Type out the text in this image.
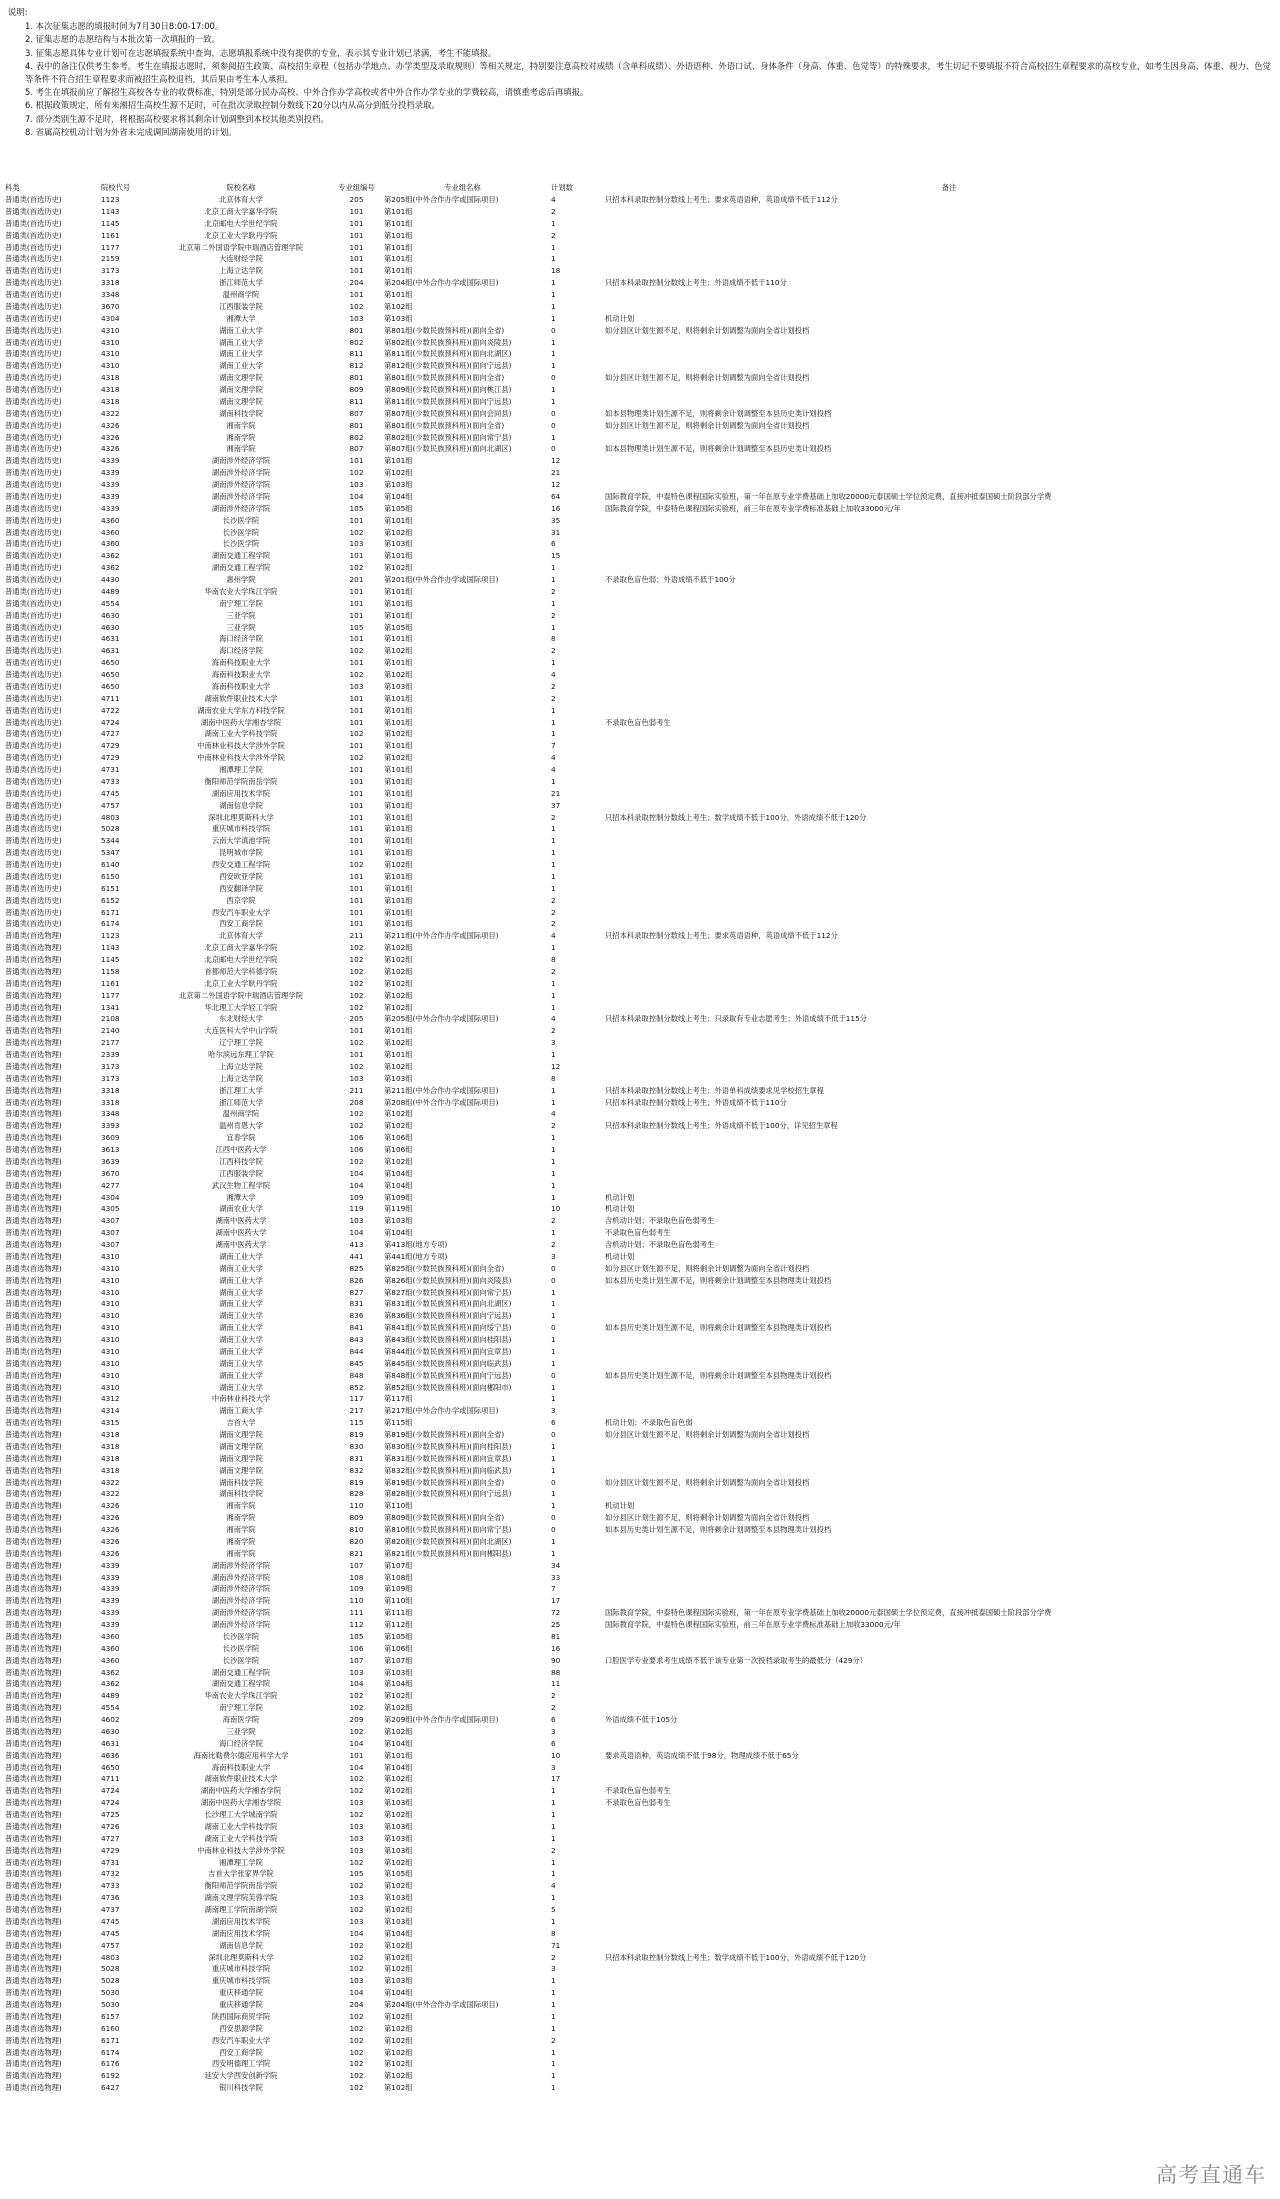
说明:
1. 本次征集志愿的填报时间为7月30日8:00-17:00。
2. 征集志愿的志愿结构与本批次第一次填报的一致。
3. 征集志愿具体专业计划可在志愿填报系统中查询，志愿填报系统中没有提供的专业，表示其专业计划已录满，考生不能填报。
4. 表中的备注仅供考生参考。考生在填报志愿时，须参阅招生政策、高校招生章程（包括办学地点、办学类型及录取规则）等相关规定，特别要注意高校对成绩（含单科成绩）、外语语种、外语口试、身体条件（身高、体重、色觉等）的特殊要求，考生切记不要填报不符合高校招生章程要求的高校专业，如考生因身高、体重、视力、色觉等条件不符合招生章程要求而被招生高校退档，其后果由考生本人承担。
5. 考生在填报前应了解招生高校各专业的收费标准，特别是部分民办高校、中外合作办学高校或者中外合作办学专业的学费较高，请慎重考虑后再填报。
6. 根据政策规定，所有来湘招生高校生源不足时，可在批次录取控制分数线下20分以内从高分到低分投档录取。
7. 部分类别生源不足时，将根据高校要求将其剩余计划调整到本校其他类别投档。
8. 省属高校机动计划为外省未完成调回湖南使用的计划。
科类	院校代号	院校名称	专业组编号	专业组名称	计划数	备注
普通类(首选历史)	1123	北京体育大学	205	第205组(中外合作办学或国际项目)	4	只招本科录取控制分数线上考生；要求英语语种，英语成绩不低于112分
普通类(首选历史)	1143	北京工商大学嘉华学院	101	第101组	2	
普通类(首选历史)	1145	北京邮电大学世纪学院	101	第101组	1	
普通类(首选历史)	1161	北京工业大学耿丹学院	101	第101组	2	
普通类(首选历史)	1177	北京第二外国语学院中瑞酒店管理学院	101	第101组	1	
普通类(首选历史)	2159	大连财经学院	101	第101组	1	
普通类(首选历史)	3173	上海立达学院	101	第101组	18	
普通类(首选历史)	3318	浙江师范大学	204	第204组(中外合作办学或国际项目)	1	只招本科录取控制分数线上考生；外语成绩不低于110分
普通类(首选历史)	3348	温州商学院	101	第101组	1	
普通类(首选历史)	3670	江西服装学院	102	第102组	1	
普通类(首选历史)	4304	湘潭大学	103	第103组	1	机动计划
普通类(首选历史)	4310	湖南工业大学	801	第801组(少数民族预科班)(面向全省)	0	如分县区计划生源不足，则将剩余计划调整为面向全省计划投档
普通类(首选历史)	4310	湖南工业大学	802	第802组(少数民族预科班)(面向炎陵县)	1	
普通类(首选历史)	4310	湖南工业大学	811	第811组(少数民族预科班)(面向北湖区)	1	
普通类(首选历史)	4310	湖南工业大学	812	第812组(少数民族预科班)(面向宁远县)	1	
普通类(首选历史)	4318	湖南文理学院	801	第801组(少数民族预科班)(面向全省)	0	如分县区计划生源不足，则将剩余计划调整为面向全省计划投档
普通类(首选历史)	4318	湖南文理学院	809	第809组(少数民族预科班)(面向桃江县)	1	
普通类(首选历史)	4318	湖南文理学院	811	第811组(少数民族预科班)(面向宁远县)	1	
普通类(首选历史)	4322	湖南科技学院	807	第807组(少数民族预科班)(面向会同县)	0	如本县物理类计划生源不足，则将剩余计划调整至本县历史类计划投档
普通类(首选历史)	4326	湘南学院	801	第801组(少数民族预科班)(面向全省)	0	如分县区计划生源不足，则将剩余计划调整为面向全省计划投档
普通类(首选历史)	4326	湘南学院	802	第802组(少数民族预科班)(面向常宁县)	1	
普通类(首选历史)	4326	湘南学院	807	第807组(少数民族预科班)(面向北湖区)	0	如本县物理类计划生源不足，则将剩余计划调整至本县历史类计划投档
普通类(首选历史)	4339	湖南涉外经济学院	101	第101组	12	
普通类(首选历史)	4339	湖南涉外经济学院	102	第102组	21	
普通类(首选历史)	4339	湖南涉外经济学院	103	第103组	12	
普通类(首选历史)	4339	湖南涉外经济学院	104	第104组	64	国际教育学院，中泰特色课程国际实验班，第一年在原专业学费基础上加收20000元泰国硕士学位预定费，直接冲抵泰国硕士阶段部分学费
普通类(首选历史)	4339	湖南涉外经济学院	105	第105组	16	国际教育学院，中泰特色课程国际实验班，前三年在原专业学费标准基础上加收33000元/年
普通类(首选历史)	4360	长沙医学院	101	第101组	35	
普通类(首选历史)	4360	长沙医学院	102	第102组	31	
普通类(首选历史)	4360	长沙医学院	103	第103组	6	
普通类(首选历史)	4362	湖南交通工程学院	101	第101组	15	
普通类(首选历史)	4362	湖南交通工程学院	102	第102组	1	
普通类(首选历史)	4430	惠州学院	201	第201组(中外合作办学或国际项目)	1	不录取色盲色弱；外语成绩不低于100分
普通类(首选历史)	4489	华南农业大学珠江学院	101	第101组	2	
普通类(首选历史)	4554	南宁理工学院	101	第101组	1	
普通类(首选历史)	4630	三亚学院	101	第101组	2	
普通类(首选历史)	4630	三亚学院	105	第105组	1	
普通类(首选历史)	4631	海口经济学院	101	第101组	8	
普通类(首选历史)	4631	海口经济学院	102	第102组	2	
普通类(首选历史)	4650	海南科技职业大学	101	第101组	1	
普通类(首选历史)	4650	海南科技职业大学	102	第102组	4	
普通类(首选历史)	4650	海南科技职业大学	103	第103组	2	
普通类(首选历史)	4711	湖南软件职业技术大学	101	第101组	2	
普通类(首选历史)	4722	湖南农业大学东方科技学院	101	第101组	1	
普通类(首选历史)	4724	湖南中医药大学湘杏学院	101	第101组	1	不录取色盲色弱考生
普通类(首选历史)	4727	湖南工业大学科技学院	102	第102组	1	
普通类(首选历史)	4729	中南林业科技大学涉外学院	101	第101组	7	
普通类(首选历史)	4729	中南林业科技大学涉外学院	102	第102组	4	
普通类(首选历史)	4731	湘潭理工学院	101	第101组	4	
普通类(首选历史)	4733	衡阳师范学院南岳学院	101	第101组	1	
普通类(首选历史)	4745	湖南应用技术学院	101	第101组	21	
普通类(首选历史)	4757	湖南信息学院	101	第101组	37	
普通类(首选历史)	4803	深圳北理莫斯科大学	101	第101组	2	只招本科录取控制分数线上考生；数学成绩不低于100分，外语成绩不低于120分
普通类(首选历史)	5028	重庆城市科技学院	101	第101组	1	
普通类(首选历史)	5344	云南大学滇池学院	101	第101组	1	
普通类(首选历史)	5347	昆明城市学院	101	第101组	1	
普通类(首选历史)	6140	西安交通工程学院	102	第102组	1	
普通类(首选历史)	6150	西安欧亚学院	101	第101组	1	
普通类(首选历史)	6151	西安翻译学院	101	第101组	1	
普通类(首选历史)	6152	西京学院	101	第101组	2	
普通类(首选历史)	6171	西安汽车职业大学	101	第101组	2	
普通类(首选历史)	6174	西安工商学院	101	第101组	2	
普通类(首选物理)	1123	北京体育大学	211	第211组(中外合作办学或国际项目)	4	只招本科录取控制分数线上考生；要求英语语种，英语成绩不低于112分
普通类(首选物理)	1143	北京工商大学嘉华学院	102	第102组	1	
普通类(首选物理)	1145	北京邮电大学世纪学院	102	第102组	8	
普通类(首选物理)	1158	首都师范大学科德学院	102	第102组	2	
普通类(首选物理)	1161	北京工业大学耿丹学院	102	第102组	1	
普通类(首选物理)	1177	北京第二外国语学院中瑞酒店管理学院	102	第102组	1	
普通类(首选物理)	1341	华北理工大学轻工学院	102	第102组	1	
普通类(首选物理)	2108	东北财经大学	205	第205组(中外合作办学或国际项目)	4	只招本科录取控制分数线上考生；只录取有专业志愿考生；外语成绩不低于115分
普通类(首选物理)	2140	大连医科大学中山学院	101	第101组	2	
普通类(首选物理)	2177	辽宁理工学院	102	第102组	3	
普通类(首选物理)	2339	哈尔滨远东理工学院	101	第101组	1	
普通类(首选物理)	3173	上海立达学院	102	第102组	12	
普通类(首选物理)	3173	上海立达学院	103	第103组	8	
普通类(首选物理)	3318	浙江理工大学	211	第211组(中外合作办学或国际项目)	1	只招本科录取控制分数线上考生；外语单科成绩要求见学校招生章程
普通类(首选物理)	3318	浙江师范大学	208	第208组(中外合作办学或国际项目)	1	只招本科录取控制分数线上考生；外语成绩不低于110分
普通类(首选物理)	3348	温州商学院	102	第102组	4	
普通类(首选物理)	3393	温州肯恩大学	102	第102组	2	只招本科录取控制分数线上考生；外语成绩不低于100分，详见招生章程
普通类(首选物理)	3609	宜春学院	106	第106组	1	
普通类(首选物理)	3613	江西中医药大学	106	第106组	1	
普通类(首选物理)	3639	江西科技学院	102	第102组	1	
普通类(首选物理)	3670	江西服装学院	104	第104组	1	
普通类(首选物理)	4277	武汉生物工程学院	104	第104组	1	
普通类(首选物理)	4304	湘潭大学	109	第109组	1	机动计划
普通类(首选物理)	4305	湖南农业大学	119	第119组	10	机动计划
普通类(首选物理)	4307	湖南中医药大学	103	第103组	2	含机动计划；不录取色盲色弱考生
普通类(首选物理)	4307	湖南中医药大学	104	第104组	1	不录取色盲色弱考生
普通类(首选物理)	4307	湖南中医药大学	413	第413组(地方专项)	2	含机动计划；不录取色盲色弱考生
普通类(首选物理)	4310	湖南工业大学	441	第441组(地方专项)	3	机动计划
普通类(首选物理)	4310	湖南工业大学	825	第825组(少数民族预科班)(面向全省)	0	如分县区计划生源不足，则将剩余计划调整为面向全省计划投档
普通类(首选物理)	4310	湖南工业大学	826	第826组(少数民族预科班)(面向炎陵县)	0	如本县历史类计划生源不足，则将剩余计划调整至本县物理类计划投档
普通类(首选物理)	4310	湖南工业大学	827	第827组(少数民族预科班)(面向常宁县)	1	
普通类(首选物理)	4310	湖南工业大学	831	第831组(少数民族预科班)(面向北湖区)	1	
普通类(首选物理)	4310	湖南工业大学	836	第836组(少数民族预科班)(面向宁远县)	1	
普通类(首选物理)	4310	湖南工业大学	841	第841组(少数民族预科班)(面向绥宁县)	0	如本县历史类计划生源不足，则将剩余计划调整至本县物理类计划投档
普通类(首选物理)	4310	湖南工业大学	843	第843组(少数民族预科班)(面向桂阳县)	1	
普通类(首选物理)	4310	湖南工业大学	844	第844组(少数民族预科班)(面向宜章县)	1	
普通类(首选物理)	4310	湖南工业大学	845	第845组(少数民族预科班)(面向临武县)	1	
普通类(首选物理)	4310	湖南工业大学	848	第848组(少数民族预科班)(面向宁远县)	0	如本县历史类计划生源不足，则将剩余计划调整至本县物理类计划投档
普通类(首选物理)	4310	湖南工业大学	852	第852组(少数民族预科班)(面向郴阳市)	1	
普通类(首选物理)	4312	中南林业科技大学	117	第117组	1	
普通类(首选物理)	4314	湖南工商大学	217	第217组(中外合作办学或国际项目)	3	
普通类(首选物理)	4315	吉首大学	115	第115组	6	机动计划；不录取色盲色弱
普通类(首选物理)	4318	湖南文理学院	819	第819组(少数民族预科班)(面向全省)	0	如分县区计划生源不足，则将剩余计划调整为面向全省计划投档
普通类(首选物理)	4318	湖南文理学院	830	第830组(少数民族预科班)(面向桂阳县)	1	
普通类(首选物理)	4318	湖南文理学院	831	第831组(少数民族预科班)(面向宜章县)	1	
普通类(首选物理)	4318	湖南文理学院	832	第832组(少数民族预科班)(面向临武县)	1	
普通类(首选物理)	4322	湖南科技学院	819	第819组(少数民族预科班)(面向全省)	0	如分县区计划生源不足，则将剩余计划调整为面向全省计划投档
普通类(首选物理)	4322	湖南科技学院	828	第828组(少数民族预科班)(面向宁远县)	1	
普通类(首选物理)	4326	湘南学院	110	第110组	1	机动计划
普通类(首选物理)	4326	湘南学院	809	第809组(少数民族预科班)(面向全省)	0	如分县区计划生源不足，则将剩余计划调整为面向全省计划投档
普通类(首选物理)	4326	湘南学院	810	第810组(少数民族预科班)(面向常宁县)	0	如本县历史类计划生源不足，则将剩余计划调整至本县物理类计划投档
普通类(首选物理)	4326	湘南学院	820	第820组(少数民族预科班)(面向北湖区)	1	
普通类(首选物理)	4326	湘南学院	821	第821组(少数民族预科班)(面向郴阳县)	1	
普通类(首选物理)	4339	湖南涉外经济学院	107	第107组	34	
普通类(首选物理)	4339	湖南涉外经济学院	108	第108组	33	
普通类(首选物理)	4339	湖南涉外经济学院	109	第109组	7	
普通类(首选物理)	4339	湖南涉外经济学院	110	第110组	17	
普通类(首选物理)	4339	湖南涉外经济学院	111	第111组	72	国际教育学院，中泰特色课程国际实验班，第一年在原专业学费基础上加收20000元泰国硕士学位预定费，直接冲抵泰国硕士阶段部分学费
普通类(首选物理)	4339	湖南涉外经济学院	112	第112组	25	国际教育学院，中泰特色课程国际实验班，前三年在原专业学费标准基础上加收33000元/年
普通类(首选物理)	4360	长沙医学院	105	第105组	81	
普通类(首选物理)	4360	长沙医学院	106	第106组	16	
普通类(首选物理)	4360	长沙医学院	107	第107组	90	口腔医学专业要求考生成绩不低于该专业第一次投档录取考生的最低分（429分）
普通类(首选物理)	4362	湖南交通工程学院	103	第103组	88	
普通类(首选物理)	4362	湖南交通工程学院	104	第104组	11	
普通类(首选物理)	4489	华南农业大学珠江学院	102	第102组	2	
普通类(首选物理)	4554	南宁理工学院	102	第102组	2	
普通类(首选物理)	4602	海南医学院	209	第209组(中外合作办学或国际项目)	6	外语成绩不低于105分
普通类(首选物理)	4630	三亚学院	102	第102组	3	
普通类(首选物理)	4631	海口经济学院	104	第104组	6	
普通类(首选物理)	4636	海南比勒费尔德应用科学大学	101	第101组	10	要求英语语种，英语成绩不低于98分，物理成绩不低于65分
普通类(首选物理)	4650	海南科技职业大学	104	第104组	3	
普通类(首选物理)	4711	湖南软件职业技术大学	102	第102组	17	
普通类(首选物理)	4724	湖南中医药大学湘杏学院	102	第102组	1	不录取色盲色弱考生
普通类(首选物理)	4724	湖南中医药大学湘杏学院	103	第103组	1	不录取色盲色弱考生
普通类(首选物理)	4725	长沙理工大学城南学院	102	第102组	1	
普通类(首选物理)	4726	湖南工业大学科技学院	103	第103组	1	
普通类(首选物理)	4727	湖南工业大学科技学院	103	第103组	1	
普通类(首选物理)	4729	中南林业科技大学涉外学院	103	第103组	2	
普通类(首选物理)	4731	湘潭理工学院	102	第102组	1	
普通类(首选物理)	4732	吉首大学张家界学院	105	第105组	1	
普通类(首选物理)	4733	衡阳师范学院南岳学院	102	第102组	4	
普通类(首选物理)	4736	湖南文理学院芙蓉学院	103	第103组	1	
普通类(首选物理)	4737	湖南理工学院南湖学院	102	第102组	5	
普通类(首选物理)	4745	湖南应用技术学院	103	第103组	1	
普通类(首选物理)	4745	湖南应用技术学院	104	第104组	8	
普通类(首选物理)	4757	湖南信息学院	102	第102组	71	
普通类(首选物理)	4803	深圳北理莫斯科大学	102	第102组	2	只招本科录取控制分数线上考生；数学成绩不低于100分，外语成绩不低于120分
普通类(首选物理)	5028	重庆城市科技学院	102	第102组	3	
普通类(首选物理)	5028	重庆城市科技学院	103	第103组	1	
普通类(首选物理)	5030	重庆移通学院	104	第104组	1	
普通类(首选物理)	5030	重庆移通学院	204	第204组(中外合作办学或国际项目)	1	
普通类(首选物理)	6157	陕西国际商贸学院	102	第102组	1	
普通类(首选物理)	6160	西安思源学院	102	第102组	1	
普通类(首选物理)	6171	西安汽车职业大学	102	第102组	2	
普通类(首选物理)	6174	西安工商学院	102	第102组	1	
普通类(首选物理)	6176	西安明德理工学院	102	第102组	1	
普通类(首选物理)	6192	延安大学西安创新学院	102	第102组	1	
普通类(首选物理)	6427	银川科技学院	102	第102组	1	
高考直通车
